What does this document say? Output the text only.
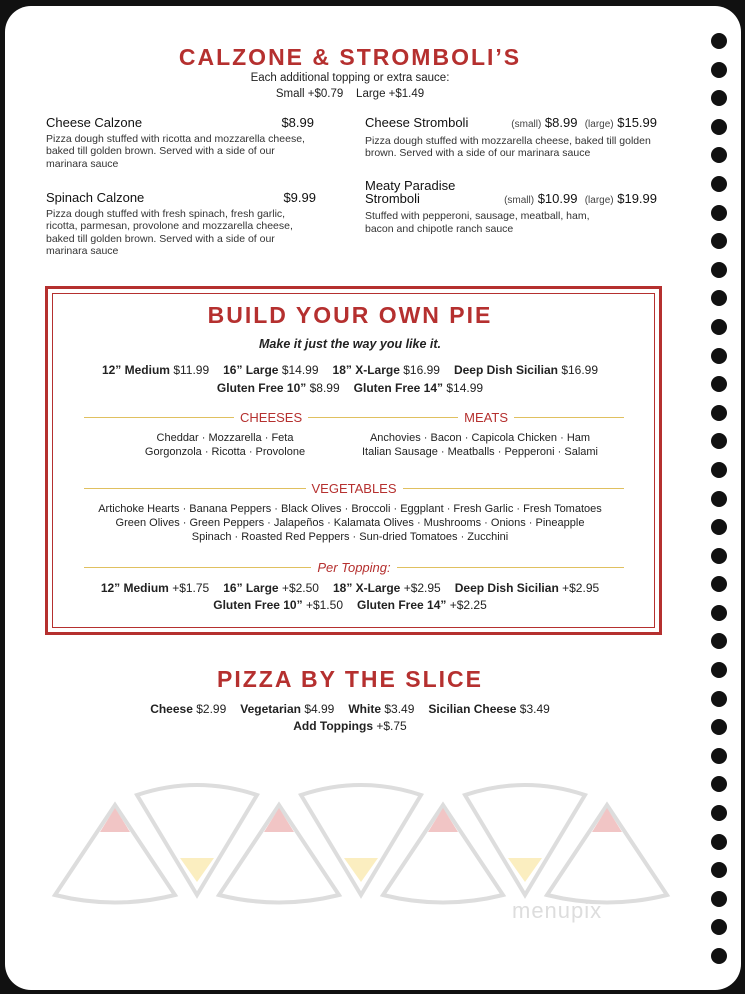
CALZONE & STROMBOLI’S
Each additional topping or extra sauce:
Small +$0.79    Large +$1.49
Cheese Calzone	$8.99
Pizza dough stuffed with ricotta and mozzarella cheese, baked till golden brown. Served with a side of our marinara sauce
Spinach Calzone	$9.99
Pizza dough stuffed with fresh spinach, fresh garlic, ricotta, parmesan, provolone and mozzarella cheese, baked till golden brown. Served with a side of our marinara sauce
Cheese Stromboli	(small) $8.99 (large) $15.99
Pizza dough stuffed with mozzarella cheese, baked till golden brown. Served with a side of our marinara sauce
Meaty Paradise
Stromboli	(small) $10.99 (large) $19.99
Stuffed with pepperoni, sausage, meatball, ham, bacon and chipotle ranch sauce
BUILD YOUR OWN PIE
Make it just the way you like it.
12” Medium $11.99 16” Large $14.99 18” X-Large $16.99 Deep Dish Sicilian $16.99
Gluten Free 10” $8.99 Gluten Free 14” $14.99
CHEESES	MEATS
Cheddar · Mozzarella · Feta
Gorgonzola · Ricotta · Provolone
Anchovies · Bacon · Capicola Chicken · Ham
Italian Sausage · Meatballs · Pepperoni · Salami
VEGETABLES
Artichoke Hearts · Banana Peppers · Black Olives · Broccoli · Eggplant · Fresh Garlic · Fresh Tomatoes
Green Olives · Green Peppers · Jalapeños · Kalamata Olives · Mushrooms · Onions · Pineapple
Spinach · Roasted Red Peppers · Sun-dried Tomatoes · Zucchini
Per Topping:
12” Medium +$1.75 16” Large +$2.50 18” X-Large +$2.95 Deep Dish Sicilian +$2.95
Gluten Free 10” +$1.50 Gluten Free 14” +$2.25
PIZZA BY THE SLICE
Cheese $2.99 Vegetarian $4.99 White $3.49 Sicilian Cheese $3.49
Add Toppings +$.75
menupix
